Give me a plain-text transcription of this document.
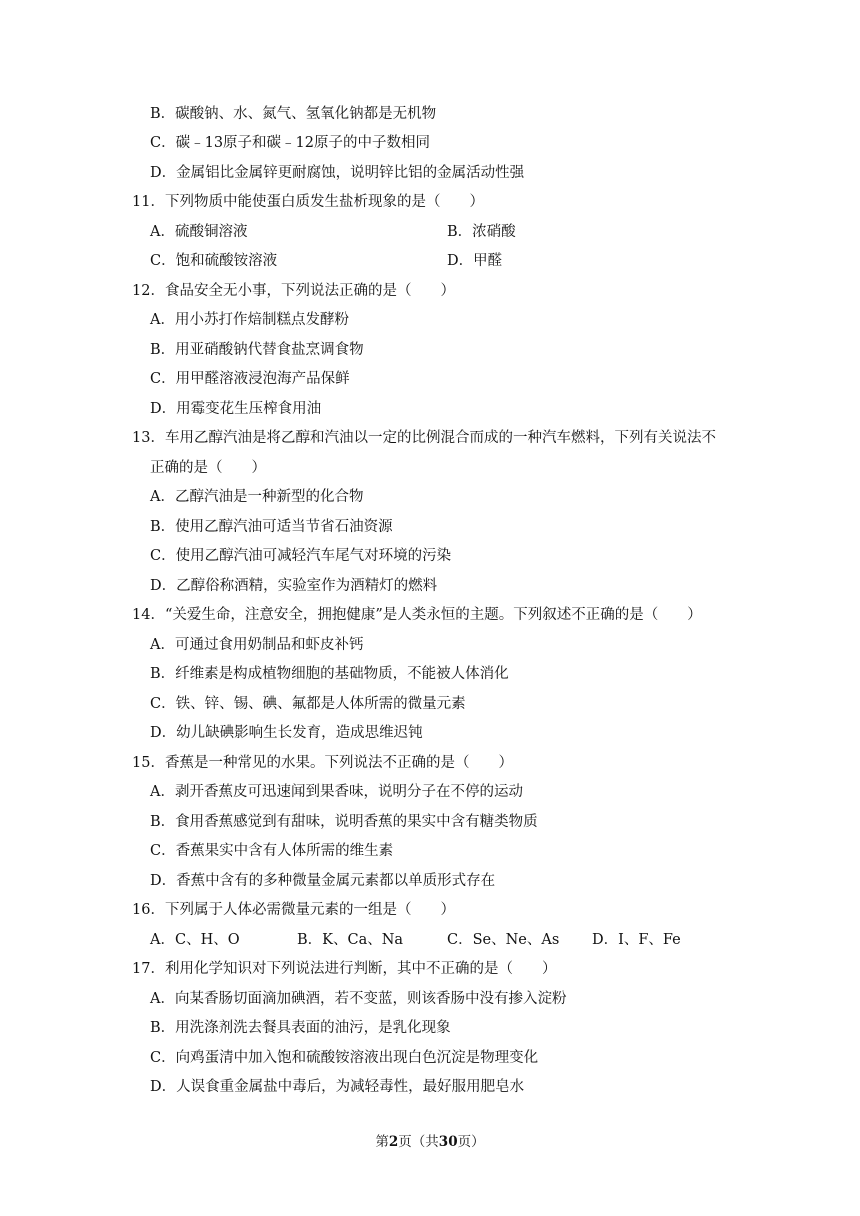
B．碳酸钠、水、氮气、氢氧化钠都是无机物
C．碳﹣13原子和碳﹣12原子的中子数相同
D．金属铝比金属锌更耐腐蚀，说明锌比铝的金属活动性强
11．下列物质中能使蛋白质发生盐析现象的是（　　）
A．硫酸铜溶液	B．浓硝酸
C．饱和硫酸铵溶液	D．甲醛
12．食品安全无小事，下列说法正确的是（　　）
A．用小苏打作焙制糕点发酵粉
B．用亚硝酸钠代替食盐烹调食物
C．用甲醛溶液浸泡海产品保鲜
D．用霉变花生压榨食用油
13．车用乙醇汽油是将乙醇和汽油以一定的比例混合而成的一种汽车燃料，下列有关说法不
正确的是（　　）
A．乙醇汽油是一种新型的化合物
B．使用乙醇汽油可适当节省石油资源
C．使用乙醇汽油可减轻汽车尾气对环境的污染
D．乙醇俗称酒精，实验室作为酒精灯的燃料
14．“关爱生命，注意安全，拥抱健康”是人类永恒的主题。下列叙述不正确的是（　　）
A．可通过食用奶制品和虾皮补钙
B．纤维素是构成植物细胞的基础物质，不能被人体消化
C．铁、锌、锡、碘、氟都是人体所需的微量元素
D．幼儿缺碘影响生长发育，造成思维迟钝
15．香蕉是一种常见的水果。下列说法不正确的是（　　）
A．剥开香蕉皮可迅速闻到果香味，说明分子在不停的运动
B．食用香蕉感觉到有甜味，说明香蕉的果实中含有糖类物质
C．香蕉果实中含有人体所需的维生素
D．香蕉中含有的多种微量金属元素都以单质形式存在
16．下列属于人体必需微量元素的一组是（　　）
A．C、H、O	B．K、Ca、Na	C．Se、Ne、As D．I、F、Fe
17．利用化学知识对下列说法进行判断，其中不正确的是（　　）
A．向某香肠切面滴加碘酒，若不变蓝，则该香肠中没有掺入淀粉
B．用洗涤剂洗去餐具表面的油污，是乳化现象
C．向鸡蛋清中加入饱和硫酸铵溶液出现白色沉淀是物理变化
D．人误食重金属盐中毒后，为减轻毒性，最好服用肥皂水
第2页（共30页）
